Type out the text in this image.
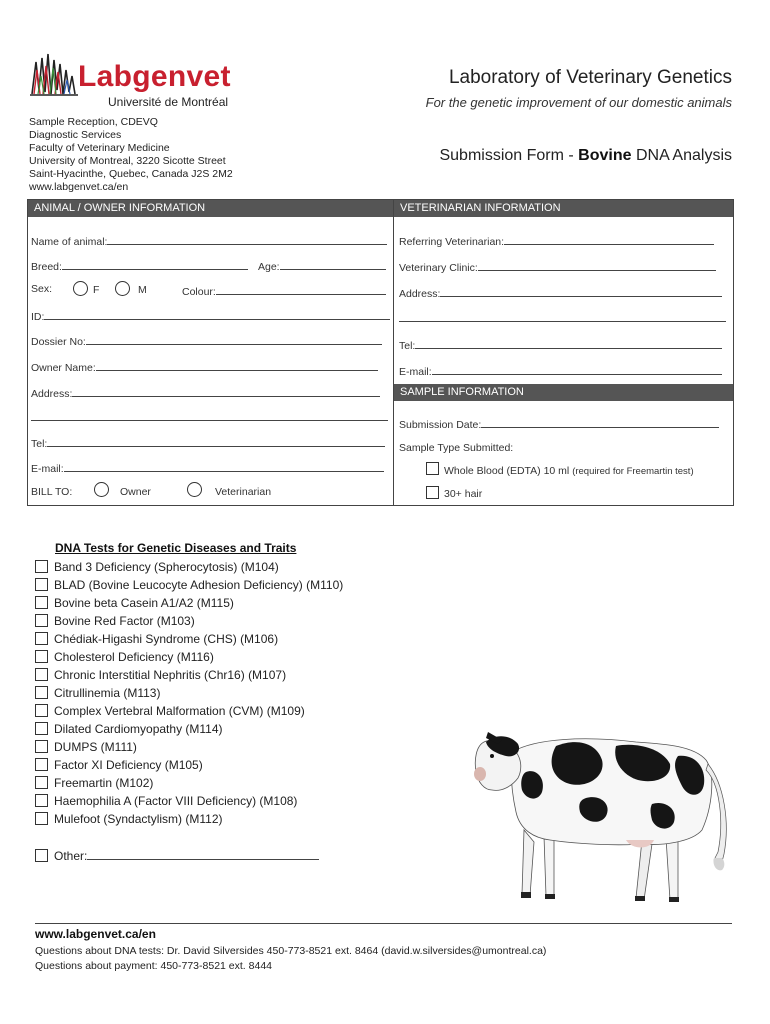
Labgenvet
Université de Montréal
Laboratory of Veterinary Genetics
For the genetic improvement of our domestic animals
Sample Reception, CDEVQ
Diagnostic Services
Faculty of Veterinary Medicine
University of Montreal, 3220 Sicotte Street
Saint-Hyacinthe, Quebec, Canada J2S 2M2
www.labgenvet.ca/en
Submission Form - Bovine DNA Analysis
ANIMAL / OWNER INFORMATION	VETERINARIAN INFORMATION
SAMPLE INFORMATION
Name of animal:
Breed:	Age:
Sex:	F	M	Colour:
ID:
Dossier No:
Owner Name:
Address:
Tel:
E-mail:
BILL TO:	Owner	Veterinarian
Referring Veterinarian:
Veterinary Clinic:
Address:
Tel:
E-mail:
Submission Date:
Sample Type Submitted:
Whole Blood (EDTA) 10 ml (required for Freemartin test)
30+ hair
DNA Tests for Genetic Diseases and Traits
Band 3 Deficiency (Spherocytosis) (M104)
BLAD (Bovine Leucocyte Adhesion Deficiency) (M110)
Bovine beta Casein A1/A2 (M115)
Bovine Red Factor (M103)
Chédiak-Higashi Syndrome (CHS) (M106)
Cholesterol Deficiency (M116)
Chronic Interstitial Nephritis (Chr16) (M107)
Citrullinemia (M113)
Complex Vertebral Malformation (CVM) (M109)
Dilated Cardiomyopathy (M114)
DUMPS (M111)
Factor XI Deficiency (M105)
Freemartin (M102)
Haemophilia A (Factor VIII Deficiency) (M108)
Mulefoot (Syndactylism) (M112)
Other:
www.labgenvet.ca/en
Questions about DNA tests: Dr. David Silversides 450-773-8521 ext. 8464 (david.w.silversides@umontreal.ca)
Questions about payment: 450-773-8521 ext. 8444
